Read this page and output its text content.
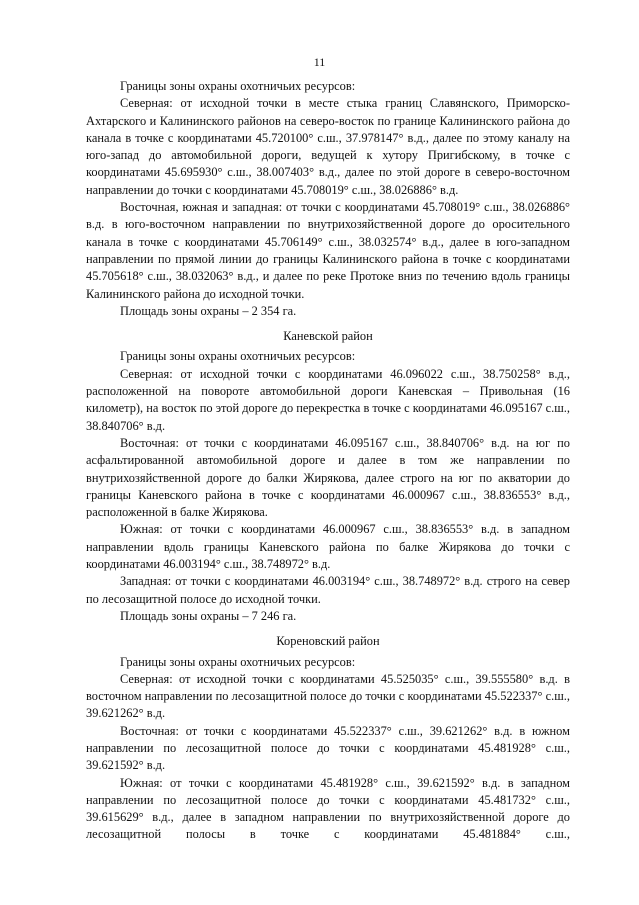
11

Границы зоны охраны охотничьих ресурсов:

Северная: от исходной точки в месте стыка границ Славянского, Приморско-Ахтарского и Калининского районов на северо-восток по границе Калининского района до канала в точке с координатами 45.720100° с.ш., 37.978147° в.д., далее по этому каналу на юго-запад до автомобильной дороги, ведущей к хутору Пригибскому, в точке с координатами 45.695930° с.ш., 38.007403° в.д., далее по этой дороге в северо-восточном направлении до точки с координатами 45.708019° с.ш., 38.026886° в.д.

Восточная, южная и западная: от точки с координатами 45.708019° с.ш., 38.026886° в.д. в юго-восточном направлении по внутрихозяйственной дороге до оросительного канала в точке с координатами 45.706149° с.ш., 38.032574° в.д., далее в юго-западном направлении по прямой линии до границы Калининского района в точке с координатами 45.705618° с.ш., 38.032063° в.д., и далее по реке Протоке вниз по течению вдоль границы Калининского района до исходной точки.

Площадь зоны охраны – 2 354 га.

Каневской район

Границы зоны охраны охотничьих ресурсов:

Северная: от исходной точки с координатами 46.096022 с.ш., 38.750258° в.д., расположенной на повороте автомобильной дороги Каневская – Привольная (16 километр), на восток по этой дороге до перекрестка в точке с координатами 46.095167 с.ш., 38.840706° в.д.

Восточная: от точки с координатами 46.095167 с.ш., 38.840706° в.д. на юг по асфальтированной автомобильной дороге и далее в том же направлении по внутрихозяйственной дороге до балки Жирякова, далее строго на юг по акватории до границы Каневского района в точке с координатами 46.000967 с.ш., 38.836553° в.д., расположенной в балке Жирякова.

Южная: от точки с координатами 46.000967 с.ш., 38.836553° в.д. в западном направлении вдоль границы Каневского района по балке Жирякова до точки с координатами 46.003194° с.ш., 38.748972° в.д.

Западная: от точки с координатами 46.003194° с.ш., 38.748972° в.д. строго на север по лесозащитной полосе до исходной точки.

Площадь зоны охраны – 7 246 га.

Кореновский район

Границы зоны охраны охотничьих ресурсов:

Северная: от исходной точки с координатами 45.525035° с.ш., 39.555580° в.д. в восточном направлении по лесозащитной полосе до точки с координатами 45.522337° с.ш., 39.621262° в.д.

Восточная: от точки с координатами 45.522337° с.ш., 39.621262° в.д. в южном направлении по лесозащитной полосе до точки с координатами 45.481928° с.ш., 39.621592° в.д.

Южная: от точки с координатами 45.481928° с.ш., 39.621592° в.д. в западном направлении по лесозащитной полосе до точки с координатами 45.481732° с.ш., 39.615629° в.д., далее в западном направлении по внутрихозяйственной дороге до лесозащитной полосы в точке с координатами 45.481884° с.ш.,
